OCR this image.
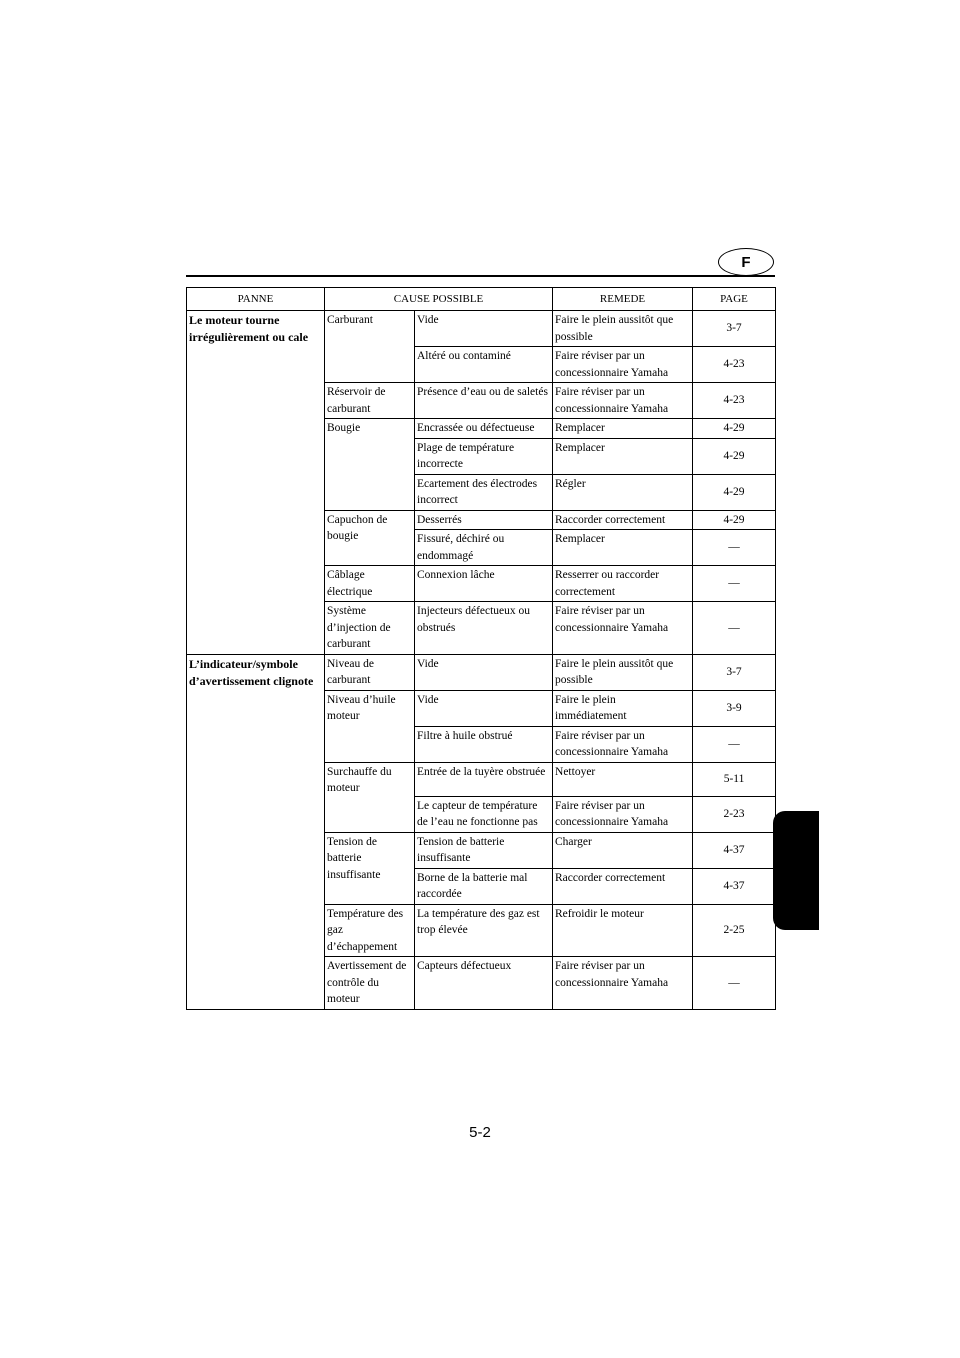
F
PANNE	CAUSE POSSIBLE		REMEDE	PAGE
Le moteur tourne irrégulièrement ou cale	Carburant	Vide	Faire le plein aussitôt que possible	3-7
		Altéré ou contaminé	Faire réviser par un concessionnaire Yamaha	4-23
	Réservoir de carburant	Présence d’eau ou de saletés	Faire réviser par un concessionnaire Yamaha	4-23
	Bougie	Encrassée ou défectueuse	Remplacer	4-29
		Plage de température incorrecte	Remplacer	4-29
		Ecartement des électrodes incorrect	Régler	4-29
	Capuchon de bougie	Desserrés	Raccorder correctement	4-29
		Fissuré, déchiré ou endommagé	Remplacer	—
	Câblage électrique	Connexion lâche	Resserrer ou raccorder correctement	—
	Système d’injection de carburant	Injecteurs défectueux ou obstrués	Faire réviser par un concessionnaire Yamaha	—
L’indicateur/symbole d’avertissement clignote	Niveau de carburant	Vide	Faire le plein aussitôt que possible	3-7
	Niveau d’huile moteur	Vide	Faire le plein immédiatement	3-9
		Filtre à huile obstrué	Faire réviser par un concessionnaire Yamaha	—
	Surchauffe du moteur	Entrée de la tuyère obstruée	Nettoyer	5-11
		Le capteur de température de l’eau ne fonctionne pas	Faire réviser par un concessionnaire Yamaha	2-23
	Tension de batterie insuffisante	Tension de batterie insuffisante	Charger	4-37
		Borne de la batterie mal raccordée	Raccorder correctement	4-37
	Température des gaz d’échappement	La température des gaz est trop élevée	Refroidir le moteur	2-25
	Avertissement de contrôle du moteur	Capteurs défectueux	Faire réviser par un concessionnaire Yamaha	—
5-2
